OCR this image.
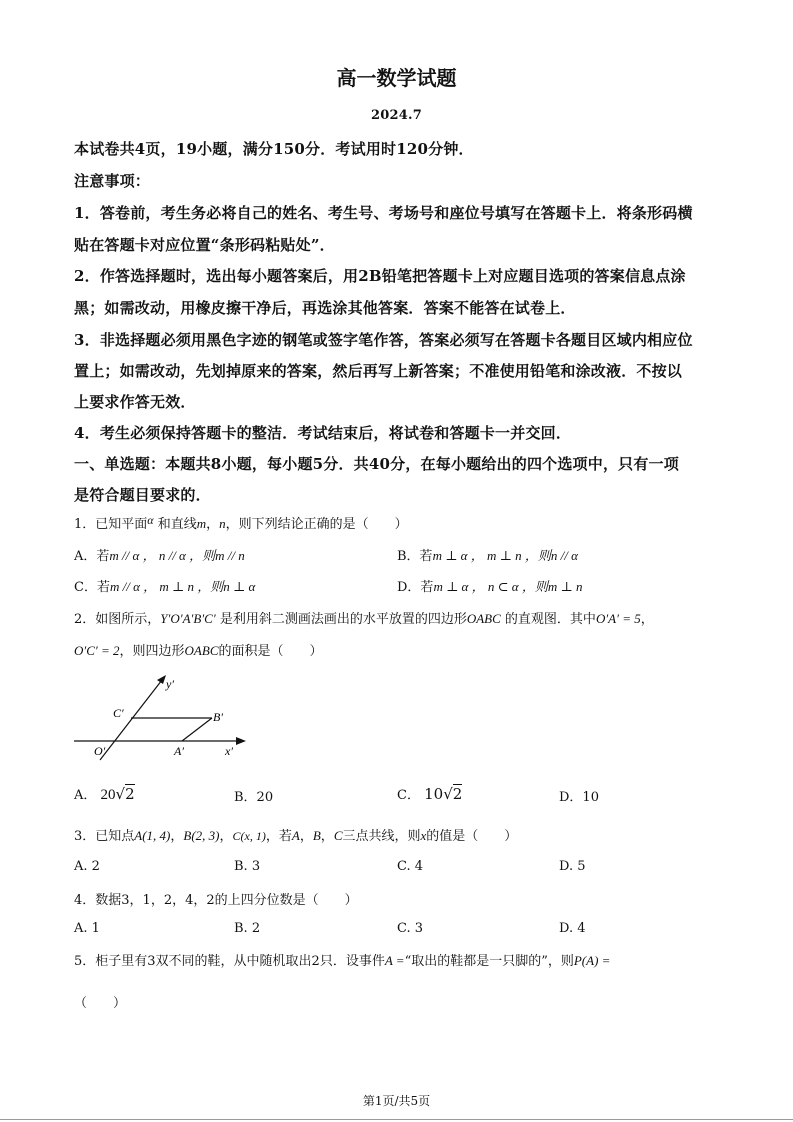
高一数学试题
2024.7
本试卷共4页，19小题，满分150分．考试用时120分钟．
注意事项：
1．答卷前，考生务必将自己的姓名、考生号、考场号和座位号填写在答题卡上．将条形码横
贴在答题卡对应位置“条形码粘贴处”．
2．作答选择题时，选出每小题答案后，用2B铅笔把答题卡上对应题目选项的答案信息点涂
黑；如需改动，用橡皮擦干净后，再选涂其他答案．答案不能答在试卷上．
3．非选择题必须用黑色字迹的钢笔或签字笔作答，答案必须写在答题卡各题目区域内相应位
置上；如需改动，先划掉原来的答案，然后再写上新答案；不准使用铅笔和涂改液．不按以
上要求作答无效．
4．考生必须保持答题卡的整洁．考试结束后，将试卷和答题卡一并交回．
一、单选题：本题共8小题，每小题5分．共40分，在每小题给出的四个选项中，只有一项
是符合题目要求的．
1．已知平面α 和直线m，n，则下列结论正确的是（　　）
A．若m // α ， n // α ，则m // n	B．若m ⊥ α ， m ⊥ n ，则n // α
C．若m // α ， m ⊥ n ，则n ⊥ α	D．若m ⊥ α ， n ⊂ α ，则m ⊥ n
2．如图所示，Y′O′A′B′C′ 是利用斜二测画法画出的水平放置的四边形OABC 的直观图．其中O′A′ = 5，
O′C′ = 2，则四边形OABC的面积是（　　）
y′
C′	B′
O′	A′	x′
A． 20√2	B．20	C． 10√2	D．10
3．已知点A(1, 4)，B(2, 3)，C(x, 1)，若A，B，C三点共线，则x的值是（　　）
A. 2	B. 3	C. 4	D. 5
4．数据3，1，2，4，2的上四分位数是（　　）
A. 1	B. 2	C. 3	D. 4
5．柜子里有3双不同的鞋，从中随机取出2只．设事件A =“取出的鞋都是一只脚的”，则P(A) =
（　　）
第1页/共5页
